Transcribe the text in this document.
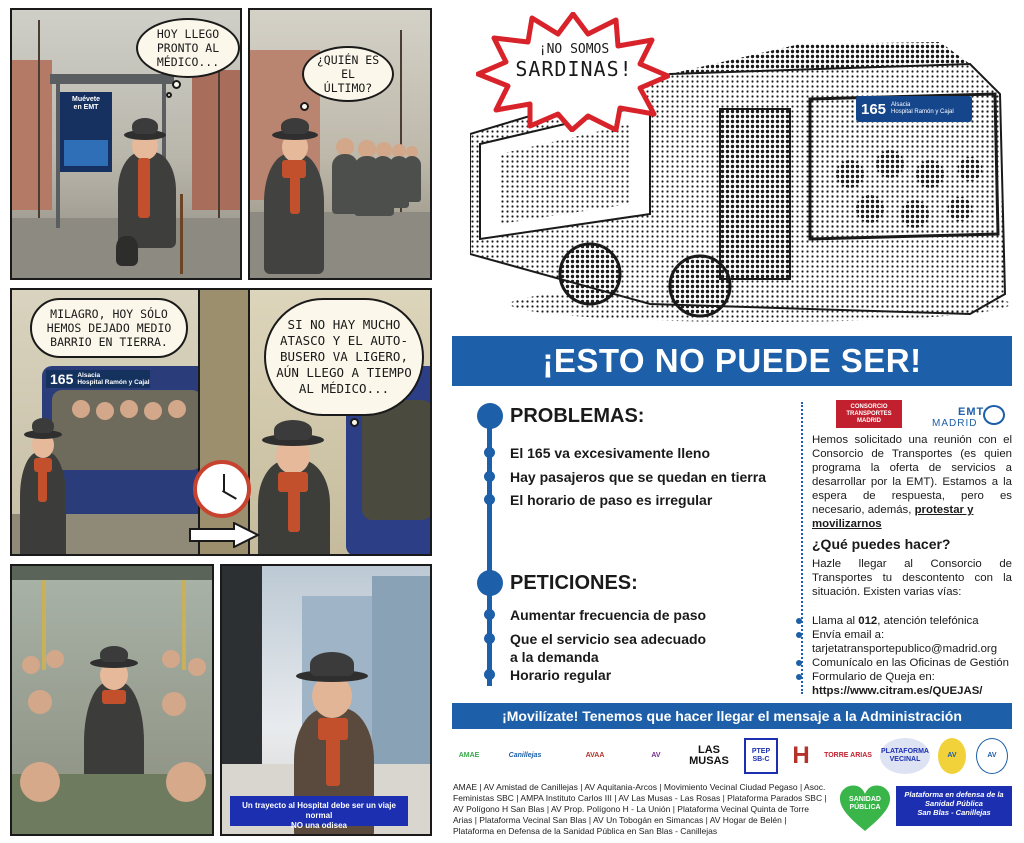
Muévete
en EMT
HOY LLEGO
PRONTO AL
MÉDICO...	¿QUIÉN ES
EL ÚLTIMO?
165 Alsacia
Hospital Ramón y Cajal
MILAGRO, HOY SÓLO
HEMOS DEJADO MEDIO
BARRIO EN TIERRA.
SI NO HAY MUCHO
ATASCO Y EL AUTO-
BUSERO VA LIGERO,
AÚN LLEGO A TIEMPO
AL MÉDICO...
Un trayecto al Hospital debe ser un viaje normal
NO una odisea
¡NO SOMOS
SARDINAS!
165 Alsacia
Hospital Ramón y Cajal
¡ESTO NO PUEDE SER!
PROBLEMAS:
El 165 va excesivamente lleno
Hay pasajeros que se quedan en tierra
El horario de paso es irregular
PETICIONES:
Aumentar frecuencia de paso
Que el servicio sea adecuado
a la demanda
Horario regular
CONSORCIO
TRANSPORTES
MADRID
EMT
MADRID
Hemos solicitado una reunión con el Consorcio de Transportes (es quien programa la oferta de servicios a desarrollar por la EMT). Estamos a la espera de respuesta, pero es necesario, además, protestar y
movilizarnos
¿Qué puedes hacer?
Hazle llegar al Consorcio de Transportes tu descontento con la situación. Existen varias vías:
Llama al 012, atención telefónica
Envía email a:
tarjetatransportepublico@madrid.org
Comunícalo en las Oficinas de Gestión
Formulario de Queja en:
https://www.citram.es/QUEJAS/
¡Movilízate! Tenemos que hacer llegar el mensaje a la Administración
AMAE	Canillejas	AVAA	AV	LAS MUSAS
PTEP SB-C H	TORRE ARIAS
PLATAFORMA VECINAL
AV	AV
AMAE | AV Amistad de Canillejas | AV Aquitania-Arcos | Movimiento Vecinal Ciudad Pegaso | Asoc. Feministas SBC | AMPA Instituto Carlos III | AV Las Musas - Las Rosas | Plataforma Parados SBC | AV Polígono H San Blas | AV Prop. Polígono H - La Unión | Plataforma Vecinal Quinta de Torre Arias | Plataforma Vecinal San Blas | AV Un Tobogán en Simancas | AV Hogar de Belén | Plataforma en Defensa de la Sanidad Pública en San Blas - Canillejas
SANIDAD
PÚBLICA
Plataforma en defensa de la
Sanidad Pública
San Blas - Canillejas
